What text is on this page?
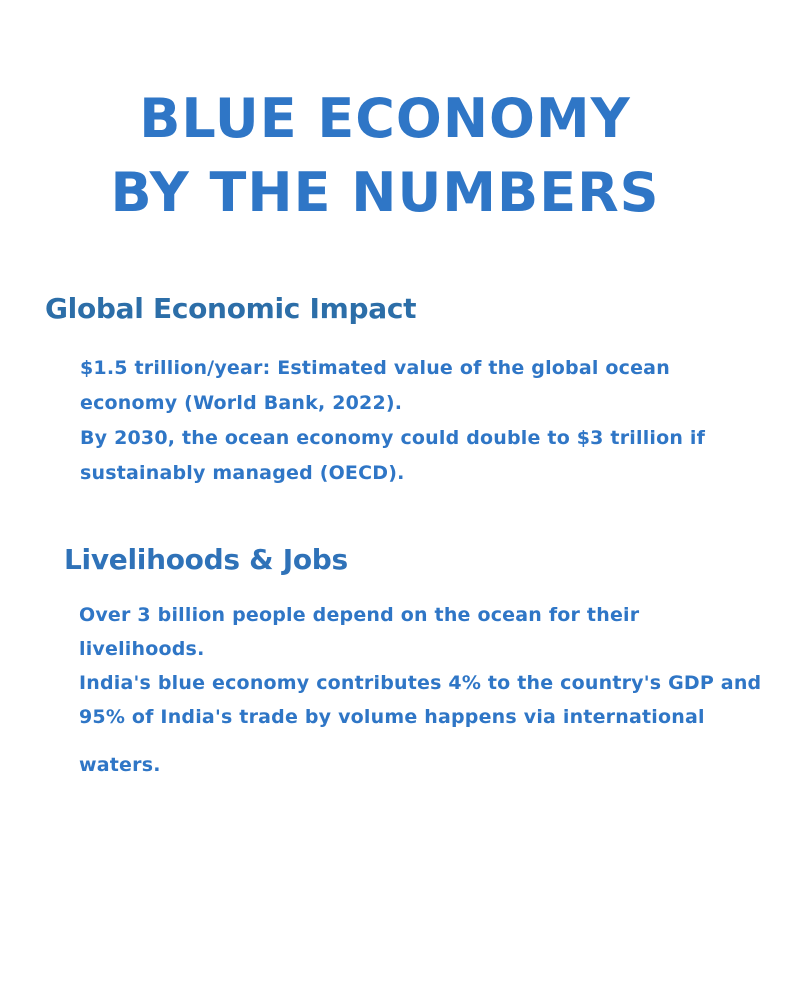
BLUE ECONOMY
BY THE NUMBERS
Global Economic Impact
$1.5 trillion/year: Estimated value of the global ocean
economy (World Bank, 2022).
By 2030, the ocean economy could double to $3 trillion if
sustainably managed (OECD).
Livelihoods & Jobs
Over 3 billion people depend on the ocean for their
livelihoods.
India's blue economy contributes 4% to the country's GDP and
95% of India's trade by volume happens via international
waters.
